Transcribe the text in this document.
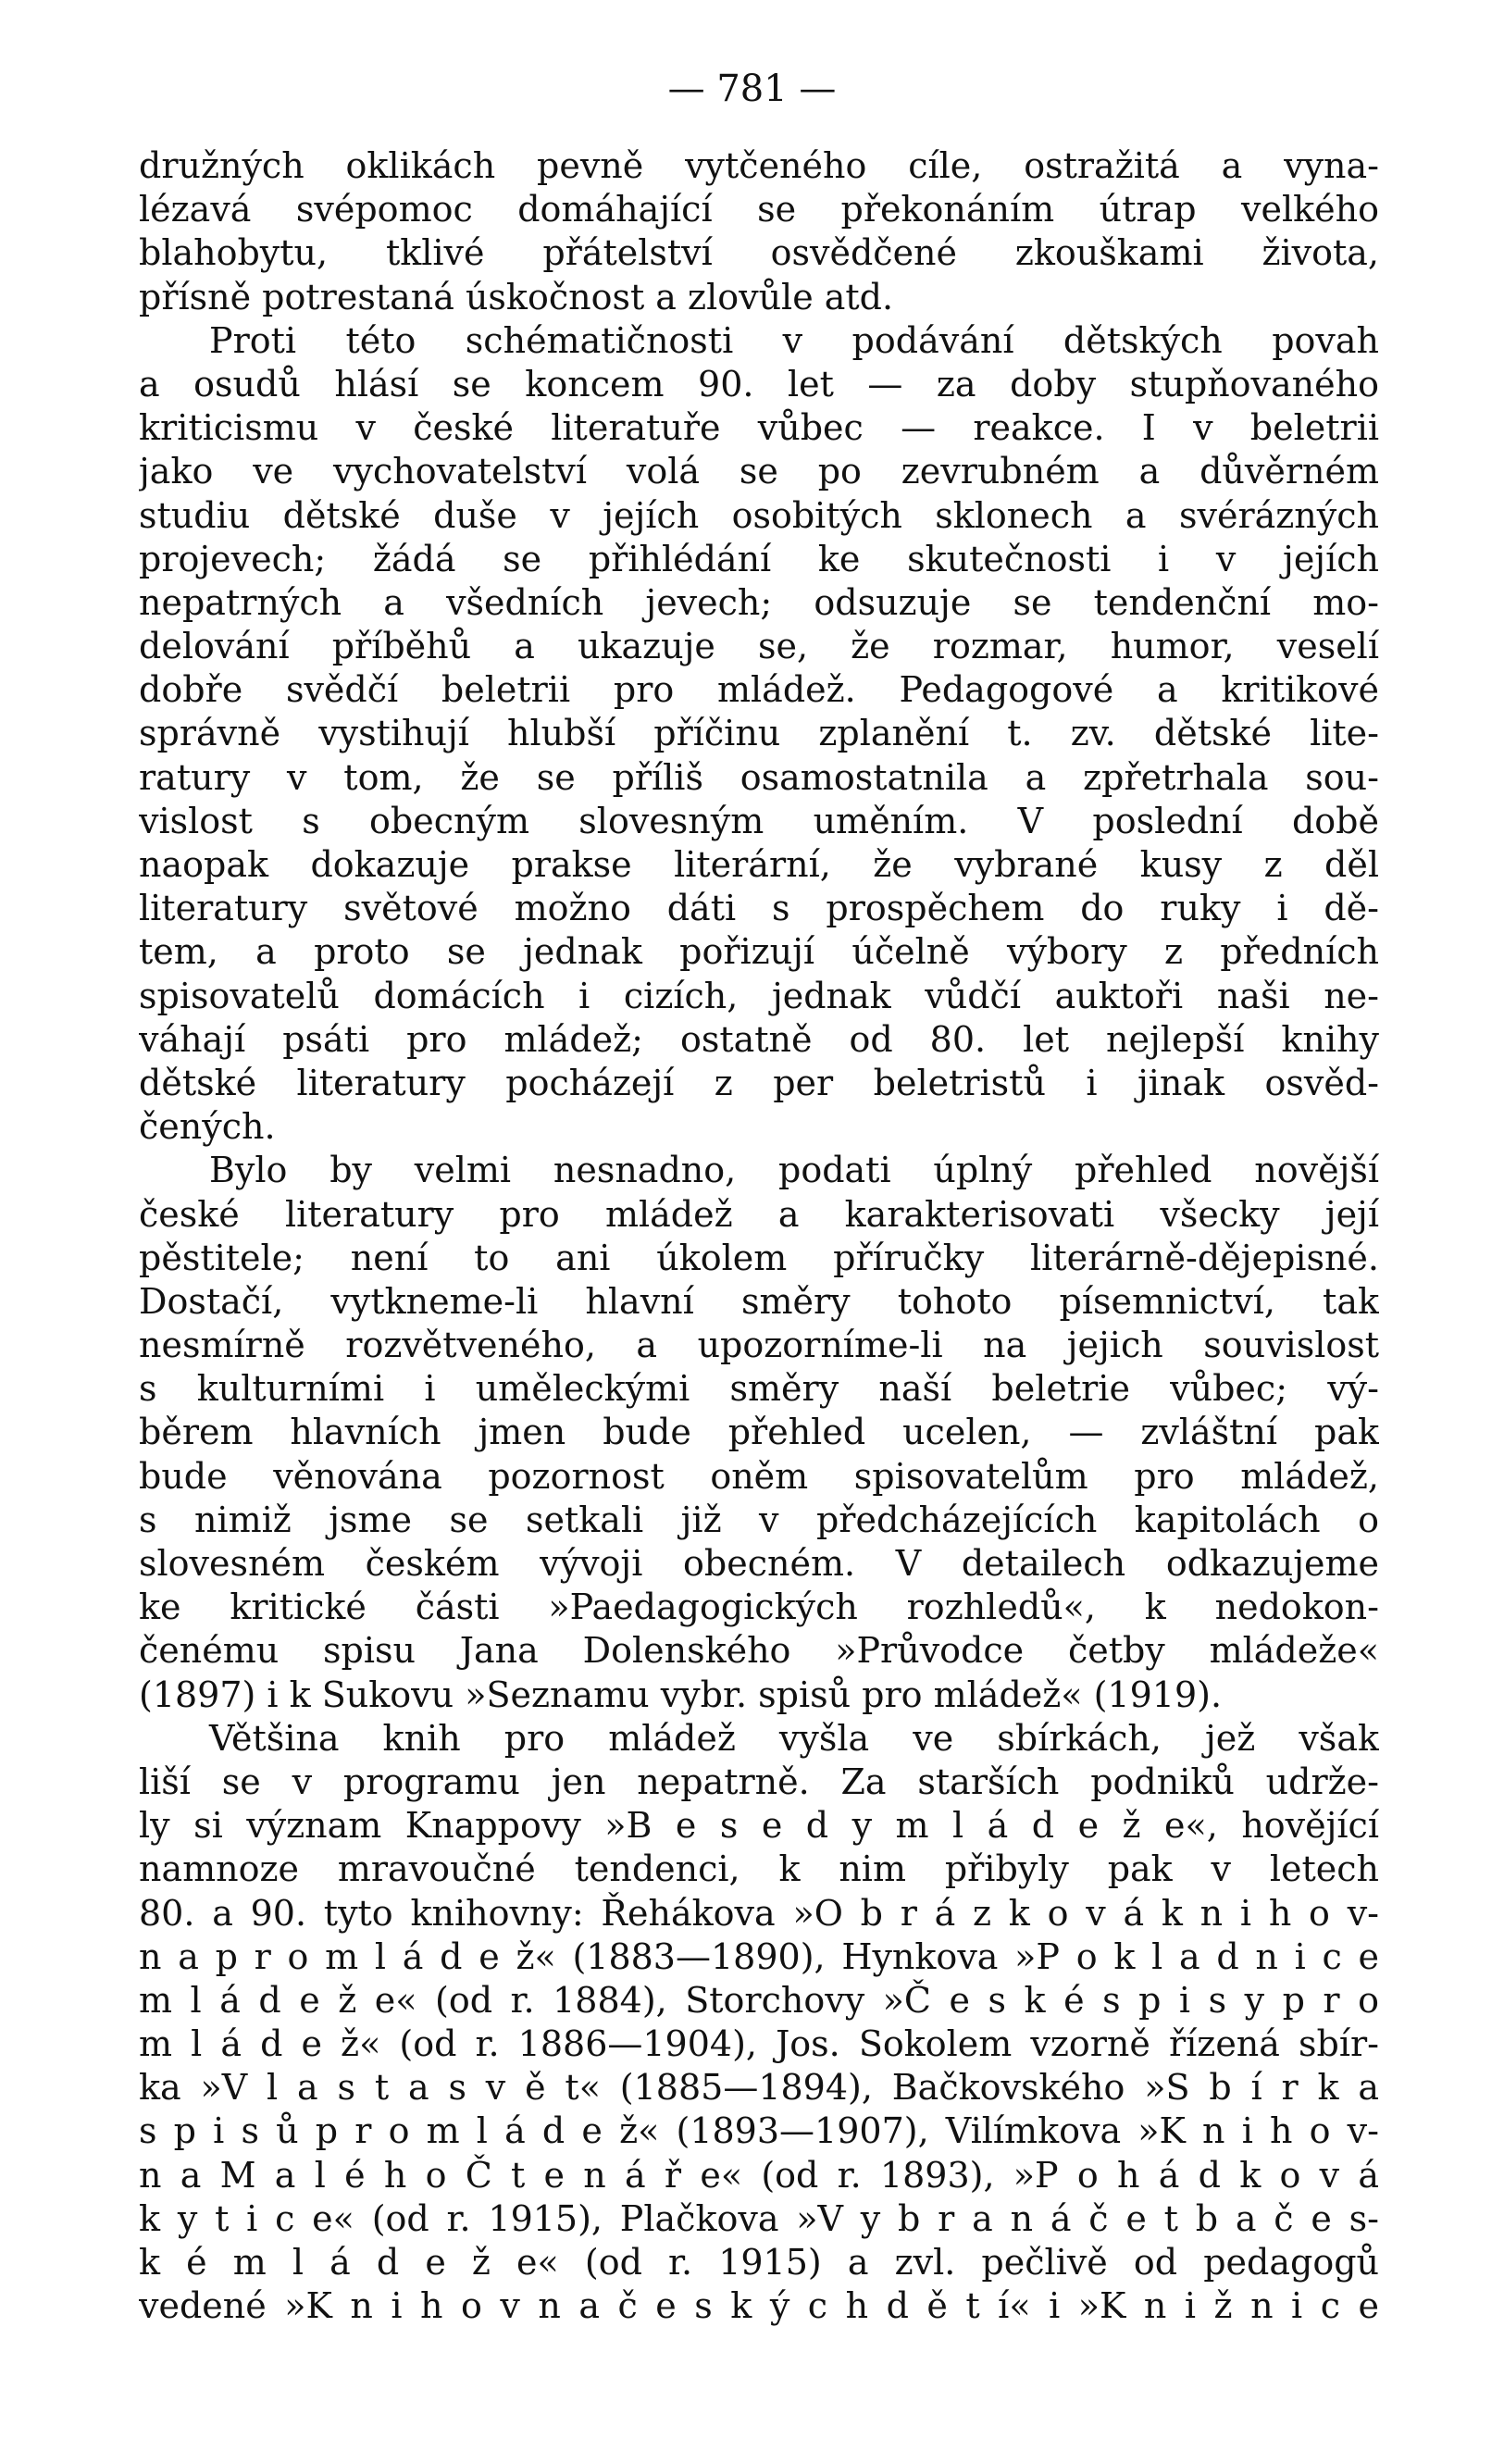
— 781 —
družných oklikách pevně vytčeného cíle, ostražitá a vyna-
lézavá svépomoc domáhající se překonáním útrap velkého
blahobytu, tklivé přátelství osvědčené zkouškami života,
přísně potrestaná úskočnost a zlovůle atd.
Proti této schématičnosti v podávání dětských povah
a osudů hlásí se koncem 90. let — za doby stupňovaného
kriticismu v české literatuře vůbec — reakce. I v beletrii
jako ve vychovatelství volá se po zevrubném a důvěrném
studiu dětské duše v jejích osobitých sklonech a svérázných
projevech; žádá se přihlédání ke skutečnosti i v jejích
nepatrných a všedních jevech; odsuzuje se tendenční mo-
delování příběhů a ukazuje se, že rozmar, humor, veselí
dobře svědčí beletrii pro mládež. Pedagogové a kritikové
správně vystihují hlubší příčinu zplanění t. zv. dětské lite-
ratury v tom, že se příliš osamostatnila a zpřetrhala sou-
vislost s obecným slovesným uměním. V poslední době
naopak dokazuje prakse literární, že vybrané kusy z děl
literatury světové možno dáti s prospěchem do ruky i dě-
tem, a proto se jednak pořizují účelně výbory z předních
spisovatelů domácích i cizích, jednak vůdčí auktoři naši ne-
váhají psáti pro mládež; ostatně od 80. let nejlepší knihy
dětské literatury pocházejí z per beletristů i jinak osvěd-
čených.
Bylo by velmi nesnadno, podati úplný přehled novější
české literatury pro mládež a karakterisovati všecky její
pěstitele; není to ani úkolem příručky literárně-dějepisné.
Dostačí, vytkneme-li hlavní směry tohoto písemnictví, tak
nesmírně rozvětveného, a upozorníme-li na jejich souvislost
s kulturními i uměleckými směry naší beletrie vůbec; vý-
běrem hlavních jmen bude přehled ucelen, — zvláštní pak
bude věnována pozornost oněm spisovatelům pro mládež,
s nimiž jsme se setkali již v předcházejících kapitolách o
slovesném českém vývoji obecném. V detailech odkazujeme
ke kritické části »Paedagogických rozhledů«, k nedokon-
čenému spisu Jana Dolenského »Průvodce četby mládeže«
(1897) i k Sukovu »Seznamu vybr. spisů pro mládež« (1919).
Většina knih pro mládež vyšla ve sbírkách, jež však
liší se v programu jen nepatrně. Za starších podniků udrže-
ly si význam Knappovy »B e s e d y m l á d e ž e«, hovějící
namnoze mravoučné tendenci, k nim přibyly pak v letech
80. a 90. tyto knihovny: Řehákova »O b r á z k o v á k n i h o v-
n a p r o m l á d e ž« (1883—1890), Hynkova »P o k l a d n i c e
m l á d e ž e« (od r. 1884), Storchovy »Č e s k é s p i s y p r o
m l á d e ž« (od r. 1886—1904), Jos. Sokolem vzorně řízená sbír-
ka »V l a s t a s v ě t« (1885—1894), Bačkovského »S b í r k a
s p i s ů p r o m l á d e ž« (1893—1907), Vilímkova »K n i h o v-
n a M a l é h o Č t e n á ř e« (od r. 1893), »P o h á d k o v á
k y t i c e« (od r. 1915), Plačkova »V y b r a n á č e t b a č e s-
k é m l á d e ž e« (od r. 1915) a zvl. pečlivě od pedagogů
vedené »K n i h o v n a č e s k ý c h d ě t í« i »K n i ž n i c e
